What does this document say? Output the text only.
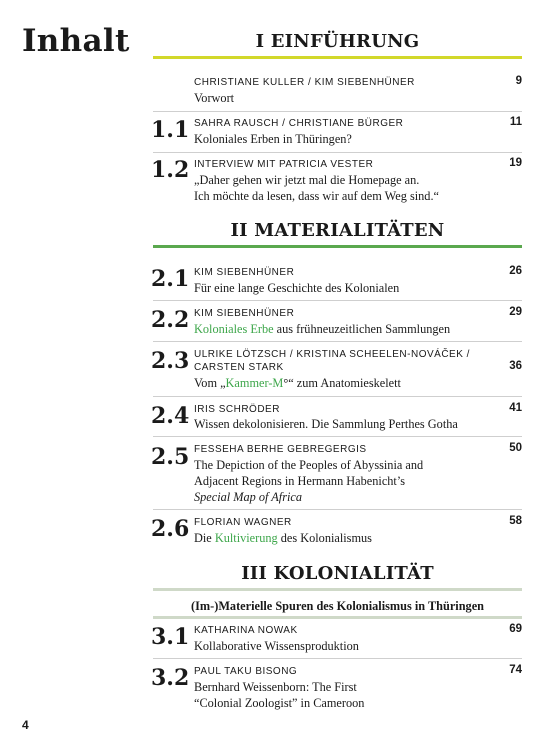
Inhalt	I EINFÜHRUNG
CHRISTIANE KULLER / KIM SIEBENHÜNER	9
Vorwort
1.1 SAHRA RAUSCH / CHRISTIANE BÜRGER	11
Koloniales Erben in Thüringen?
1.2 INTERVIEW MIT PATRICIA VESTER	19
„Daher gehen wir jetzt mal die Homepage an.
Ich möchte da lesen, dass wir auf dem Weg sind.“
II MATERIALITÄTEN
2.1 KIM SIEBENHÜNER	26
Für eine lange Geschichte des Kolonialen
2.2 KIM SIEBENHÜNER	29
Koloniales Erbe aus frühneuzeitlichen Sammlungen
2.3 ULRIKE LÖTZSCH / KRISTINA SCHEELEN-NOVÁČEK /
CARSTEN STARK	36
Vom „Kammer-M°“ zum Anatomieskelett
2.4 IRIS SCHRÖDER	41
Wissen dekolonisieren. Die Sammlung Perthes Gotha
2.5 FESSEHA BERHE GEBREGERGIS	50
The Depiction of the Peoples of Abyssinia and
Adjacent Regions in Hermann Habenicht’s
Special Map of Africa
2.6 FLORIAN WAGNER	58
Die Kultivierung des Kolonialismus
III KOLONIALITÄT
(Im-)Materielle Spuren des Kolonialismus in Thüringen
3.1 KATHARINA NOWAK	69
Kollaborative Wissensproduktion
3.2 PAUL TAKU BISONG	74
Bernhard Weissenborn: The First
“Colonial Zoologist” in Cameroon
4
